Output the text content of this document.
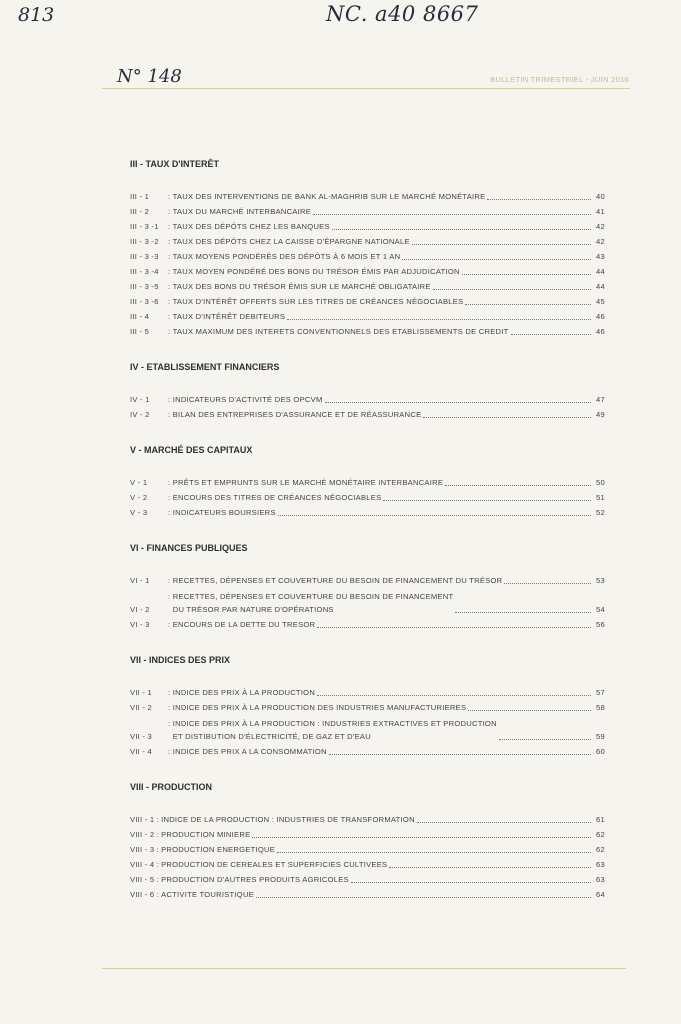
813	NC. a40 8667
N° 148	BULLETIN TRIMESTRIEL - JUIN 2016
III - TAUX D'INTERÊT
III - 1	: TAUX DES INTERVENTIONS DE BANK AL-MAGHRIB SUR LE MARCHÉ MONÉTAIRE	40
III - 2	: TAUX DU MARCHÉ INTERBANCAIRE	41
III - 3 -1	: TAUX DES DÉPÔTS CHEZ LES BANQUES	42
III - 3 -2	: TAUX DES DÉPÔTS CHEZ LA CAISSE D'ÉPARGNE NATIONALE	42
III - 3 -3	: TAUX MOYENS PONDÉRÉS DES DÉPÔTS À 6 MOIS ET 1 AN	43
III - 3 -4	: TAUX MOYEN PONDÉRÉ DES BONS DU TRÉSOR ÉMIS PAR ADJUDICATION	44
III - 3 -5	: TAUX DES BONS DU TRÉSOR ÉMIS SUR LE MARCHÉ OBLIGATAIRE	44
III - 3 -6	: TAUX D'INTÉRÊT OFFERTS SUR LES TITRES DE CRÉANCES NÉGOCIABLES	45
III - 4	: TAUX D'INTÉRÊT DEBITEURS	46
III - 5	: TAUX MAXIMUM DES INTERETS CONVENTIONNELS DES ETABLISSEMENTS DE CREDIT	46
IV - ETABLISSEMENT FINANCIERS
IV - 1	: INDICATEURS D'ACTIVITÉ DES OPCVM	47
IV - 2	: BILAN DES ENTREPRISES D'ASSURANCE ET DE RÉASSURANCE	49
V - MARCHÉ DES CAPITAUX
V - 1	: PRÊTS ET EMPRUNTS SUR LE MARCHÉ MONÉTAIRE INTERBANCAIRE	50
V - 2	: ENCOURS DES TITRES DE CRÉANCES NÉGOCIABLES	51
V - 3	: INDICATEURS BOURSIERS	52
VI - FINANCES PUBLIQUES
VI - 1	: RECETTES, DÉPENSES ET COUVERTURE DU BESOIN DE FINANCEMENT DU TRÉSOR	53
VI - 2
: RECETTES, DÉPENSES ET COUVERTURE DU BESOIN DE FINANCEMENT
DU TRÉSOR PAR NATURE D'OPÉRATIONS	54
VI - 3	: ENCOURS DE LA DETTE DU TRESOR	56
VII - INDICES DES PRIX
VII - 1	: INDICE DES PRIX À LA PRODUCTION	57
VII - 2	: INDICE DES PRIX À LA PRODUCTION DES INDUSTRIES MANUFACTURIERES	58
VII - 3
: INDICE DES PRIX À LA PRODUCTION : INDUSTRIES EXTRACTIVES ET PRODUCTION
ET DISTIBUTION D'ÉLECTRICITÉ, DE GAZ ET D'EAU	59
VII - 4	: INDICE DES PRIX A LA CONSOMMATION	60
VIII - PRODUCTION
VIII - 1 : INDICE DE LA PRODUCTION : INDUSTRIES DE TRANSFORMATION	61
VIII - 2 : PRODUCTION MINIERE	62
VIII - 3 : PRODUCTION ENERGETIQUE	62
VIII - 4 : PRODUCTION DE CEREALES ET SUPERFICIES CULTIVEES	63
VIII - 5 : PRODUCTION D'AUTRES PRODUITS AGRICOLES	63
VIII - 6 : ACTIVITE TOURISTIQUE	64
